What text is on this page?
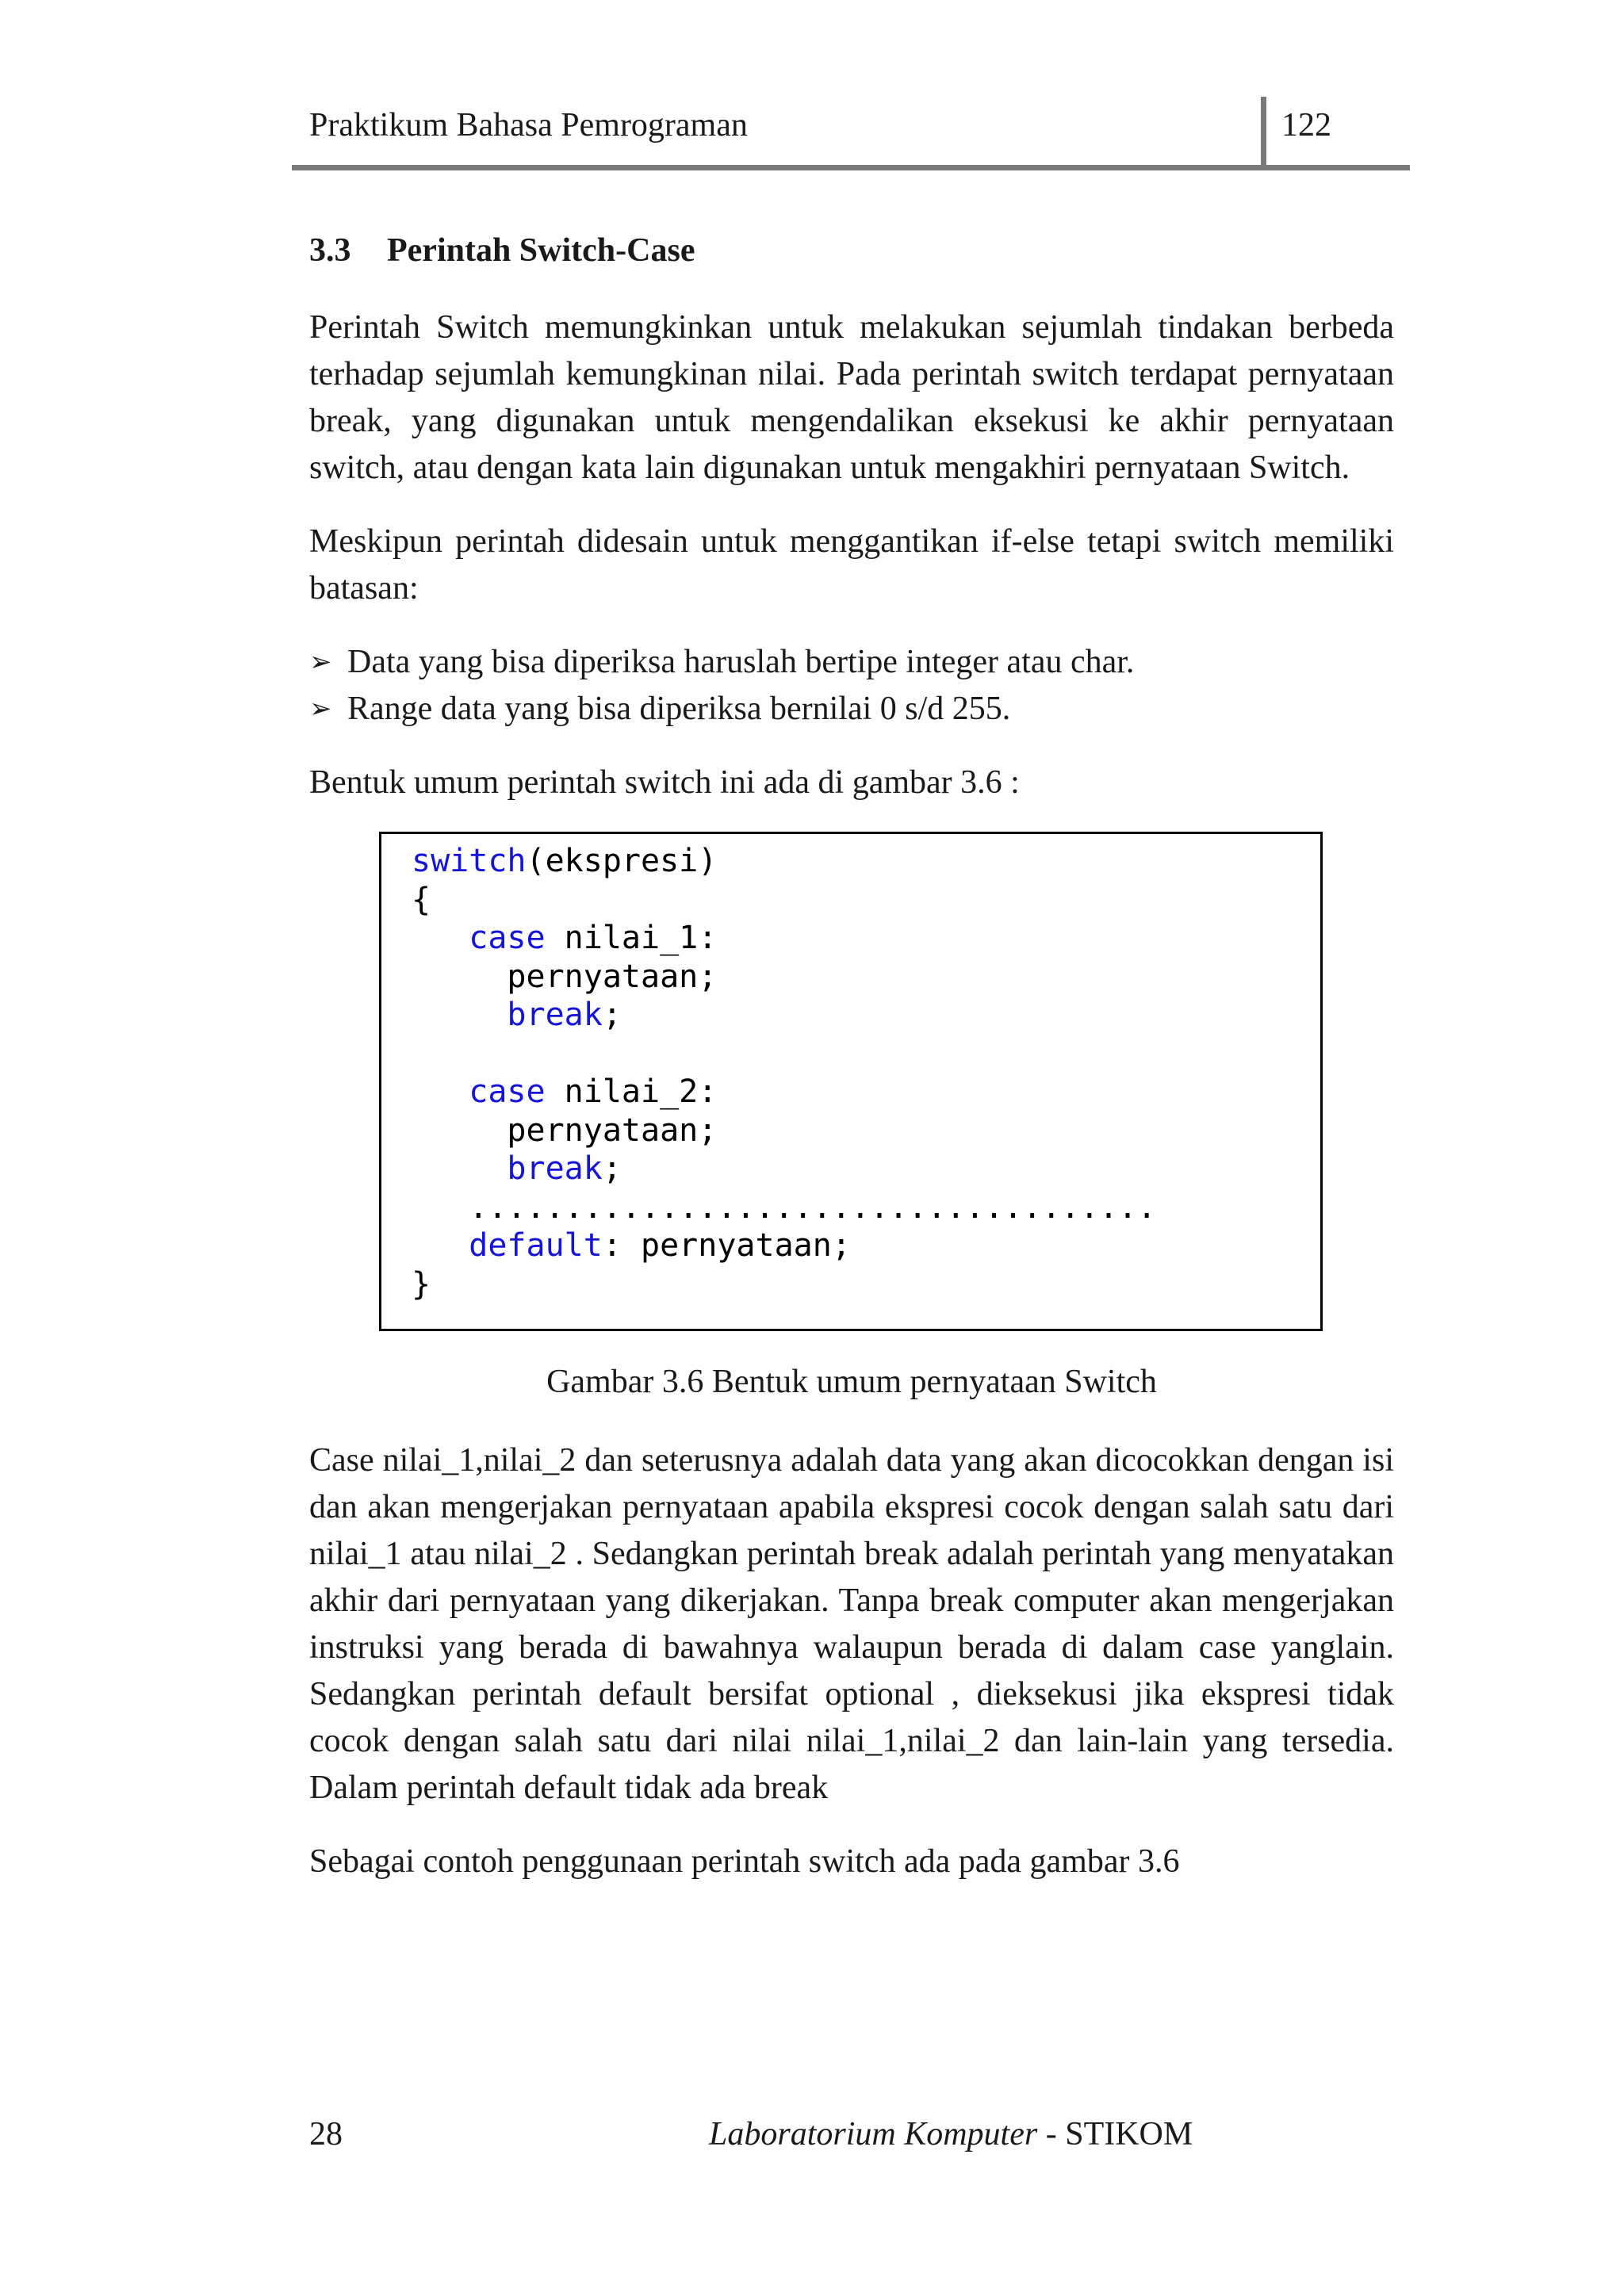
Praktikum Bahasa Pemrograman	122
3.3 Perintah Switch-Case

Perintah Switch memungkinkan untuk melakukan sejumlah tindakan berbeda terhadap sejumlah kemungkinan nilai. Pada perintah switch terdapat pernyataan break, yang digunakan untuk mengendalikan eksekusi ke akhir pernyataan switch, atau dengan kata lain digunakan untuk mengakhiri pernyataan Switch.

Meskipun perintah didesain untuk menggantikan if-else tetapi switch memiliki batasan:

➢ Data yang bisa diperiksa haruslah bertipe integer atau char.
➢ Range data yang bisa diperiksa bernilai 0 s/d 255.

Bentuk umum perintah switch ini ada di gambar 3.6 :

switch(ekspresi)
{
case nilai_1:
pernyataan;
break;

case nilai_2:
pernyataan;
break;
....................................
default: pernyataan;
}
Gambar 3.6 Bentuk umum pernyataan Switch

Case nilai_1,nilai_2 dan seterusnya adalah data yang akan dicocokkan dengan isi dan akan mengerjakan pernyataan apabila ekspresi cocok dengan salah satu dari nilai_1 atau nilai_2 . Sedangkan perintah break adalah perintah yang menyatakan akhir dari pernyataan yang dikerjakan. Tanpa break computer akan mengerjakan instruksi yang berada di bawahnya walaupun berada di dalam case yanglain. Sedangkan perintah default bersifat optional , dieksekusi jika ekspresi tidak cocok dengan salah satu dari nilai nilai_1,nilai_2 dan lain-lain yang tersedia. Dalam perintah default tidak ada break

Sebagai contoh penggunaan perintah switch ada pada gambar 3.6

28	Laboratorium Komputer - STIKOM
